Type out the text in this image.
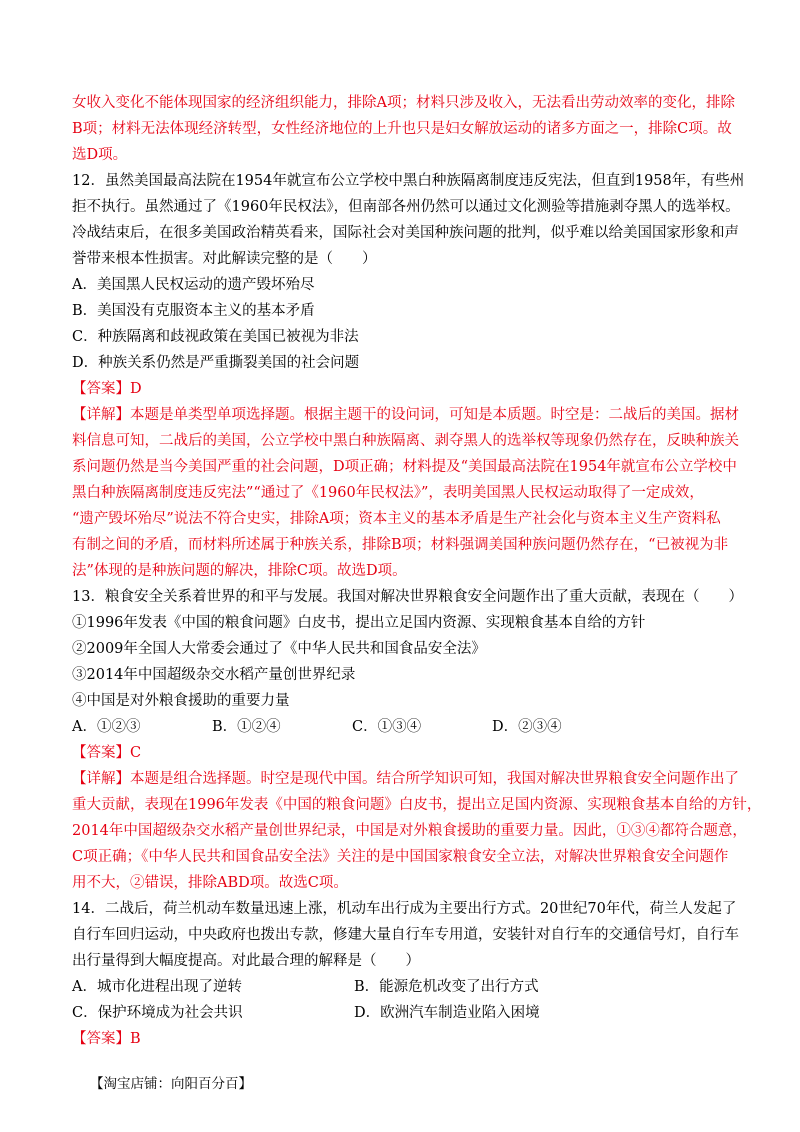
女收入变化不能体现国家的经济组织能力，排除A项；材料只涉及收入，无法看出劳动效率的变化，排除
B项；材料无法体现经济转型，女性经济地位的上升也只是妇女解放运动的诸多方面之一，排除C项。故
选D项。
12．虽然美国最高法院在1954年就宣布公立学校中黑白种族隔离制度违反宪法，但直到1958年，有些州
拒不执行。虽然通过了《1960年民权法》，但南部各州仍然可以通过文化测验等措施剥夺黑人的选举权。
冷战结束后，在很多美国政治精英看来，国际社会对美国种族问题的批判，似乎难以给美国国家形象和声
誉带来根本性损害。对此解读完整的是（　　）
A．美国黑人民权运动的遗产毁坏殆尽
B．美国没有克服资本主义的基本矛盾
C．种族隔离和歧视政策在美国已被视为非法
D．种族关系仍然是严重撕裂美国的社会问题
【答案】D
【详解】本题是单类型单项选择题。根据主题干的设问词，可知是本质题。时空是：二战后的美国。据材
料信息可知，二战后的美国，公立学校中黑白种族隔离、剥夺黑人的选举权等现象仍然存在，反映种族关
系问题仍然是当今美国严重的社会问题，D项正确；材料提及“美国最高法院在1954年就宣布公立学校中
黑白种族隔离制度违反宪法”“通过了《1960年民权法》”，表明美国黑人民权运动取得了一定成效，
“遗产毁坏殆尽”说法不符合史实，排除A项；资本主义的基本矛盾是生产社会化与资本主义生产资料私
有制之间的矛盾，而材料所述属于种族关系，排除B项；材料强调美国种族问题仍然存在，“已被视为非
法”体现的是种族问题的解决，排除C项。故选D项。
13．粮食安全关系着世界的和平与发展。我国对解决世界粮食安全问题作出了重大贡献，表现在（　　）
①1996年发表《中国的粮食问题》白皮书，提出立足国内资源、实现粮食基本自给的方针
②2009年全国人大常委会通过了《中华人民共和国食品安全法》
③2014年中国超级杂交水稻产量创世界纪录
④中国是对外粮食援助的重要力量
A．①②③	B．①②④	C．①③④	D．②③④
【答案】C
【详解】本题是组合选择题。时空是现代中国。结合所学知识可知，我国对解决世界粮食安全问题作出了
重大贡献，表现在1996年发表《中国的粮食问题》白皮书，提出立足国内资源、实现粮食基本自给的方针，
2014年中国超级杂交水稻产量创世界纪录，中国是对外粮食援助的重要力量。因此，①③④都符合题意，
C项正确；《中华人民共和国食品安全法》关注的是中国国家粮食安全立法，对解决世界粮食安全问题作
用不大，②错误，排除ABD项。故选C项。
14．二战后，荷兰机动车数量迅速上涨，机动车出行成为主要出行方式。20世纪70年代，荷兰人发起了
自行车回归运动，中央政府也拨出专款，修建大量自行车专用道，安装针对自行车的交通信号灯，自行车
出行量得到大幅度提高。对此最合理的解释是（　　）
A．城市化进程出现了逆转	B．能源危机改变了出行方式
C．保护环境成为社会共识	D．欧洲汽车制造业陷入困境
【答案】B
【淘宝店铺：向阳百分百】
